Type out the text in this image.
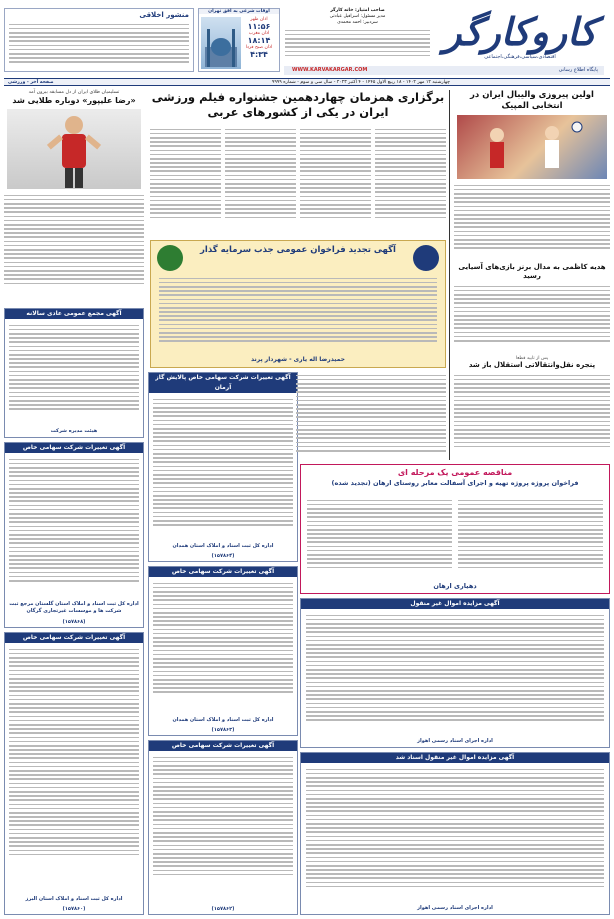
کاروکارگر
اقتصادی،سیاسی،فرهنگی،اجتماعی
صاحب امتیاز: خانه کارگر
مدیر مسئول: اسرافیل عبادتی
سردبیر: احمد محمدی
پایگاه اطلاع رسانی
WWW.KARVAKARGAR.COM
اوقات شرعی به افق تهران
اذان ظهر
۱۱:۵۶
اذان مغرب
۱۸:۱۴
اذان صبح فردا
۴:۳۴
منشور اخلاقی
چهارشنبه ۱۲ مهر ۱۴۰۲ - ۱۸ ربیع الاول ۱۴۴۵ - ۴ اکتبر ۲۰۲۳ - سال سی و سوم - شماره ۹۹۹۹
صفحه آخر - ورزشی
اولین پیروزی والیبال ایران در انتخابی المپیک
هدیه کاظمی به مدال برنز بازی‌های آسیایی رسید
پس از تایید قطعا
پنجره نقل‌وانتقالاتی استقلال باز شد
برگزاری همزمان چهاردهمین جشنواره فیلم ورزشی ایران در یکی از کشورهای عربی
تسلیمیان طلای ایران از دل مسابقه بیرون آمد
«رضا علیپور» دوباره طلایی شد
آگهی تجدید فراخوان عمومی جذب سرمایه گذار
حمیدرضا اله یاری - شهردار پرند
آگهی مجمع عمومی عادی سالانه
هیئت مدیره شرکت
مناقصه عمومی یک مرحله ای
فراخوان پروژه پروژه تهیه و اجرای آسفالت معابر روستای ارهان (تجدید شده)
دهیاری ارهان
آگهی تغییرات شرکت سهامی خاص
اداره کل ثبت اسناد و املاک استان گلستان مرجع ثبت شرکت ها و موسسات غیرتجاری گرگان
(۱۵۷۸۶۸)
آگهی تغییرات شرکت سهامی خاص پالایش گاز آرمان
اداره کل ثبت اسناد و املاک استان همدان
(۱۵۷۸۶۴)
آگهی تغییرات شرکت سهامی خاص
اداره کل ثبت اسناد و املاک استان همدان
(۱۵۷۸۶۳)
آگهی تغییرات شرکت سهامی خاص
اداره کل ثبت اسناد و املاک استان البرز
(۱۵۷۸۶۰)
آگهی تغییرات شرکت سهامی خاص
(۱۵۷۸۶۲)
آگهی مزایده اموال غیر منقول
اداره اجرای اسناد رسمی اهواز
آگهی مزایده اموال غیر منقول اسناد شد
اداره اجرای اسناد رسمی اهواز
